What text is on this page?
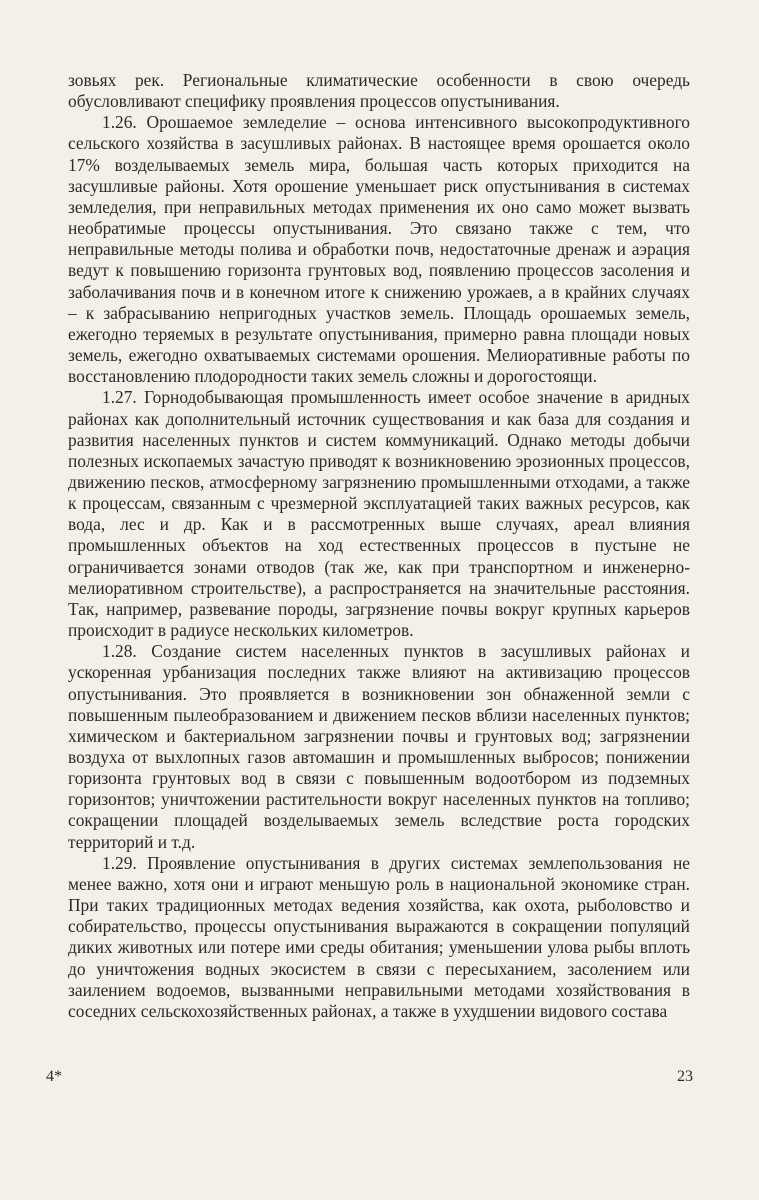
зовьях рек. Региональные климатические особенности в свою очередь обусловливают специфику проявления процессов опустынивания.

1.26. Орошаемое земледелие – основа интенсивного высокопродуктивного сельского хозяйства в засушливых районах. В настоящее время орошается около 17% возделываемых земель мира, большая часть которых приходится на засушливые районы. Хотя орошение уменьшает риск опустынивания в системах земледелия, при неправильных методах применения их оно само может вызвать необратимые процессы опустынивания. Это связано также с тем, что неправильные методы полива и обработки почв, недостаточные дренаж и аэрация ведут к повышению горизонта грунтовых вод, появлению процессов засоления и заболачивания почв и в конечном итоге к снижению урожаев, а в крайних случаях – к забрасыванию непригодных участков земель. Площадь орошаемых земель, ежегодно теряемых в результате опустынивания, примерно равна площади новых земель, ежегодно охватываемых системами орошения. Мелиоративные работы по восстановлению плодородности таких земель сложны и дорогостоящи.

1.27. Горнодобывающая промышленность имеет особое значение в аридных районах как дополнительный источник существования и как база для создания и развития населенных пунктов и систем коммуникаций. Однако методы добычи полезных ископаемых зачастую приводят к возникновению эрозионных процессов, движению песков, атмосферному загрязнению промышленными отходами, а также к процессам, связанным с чрезмерной эксплуатацией таких важных ресурсов, как вода, лес и др. Как и в рассмотренных выше случаях, ареал влияния промышленных объектов на ход естественных процессов в пустыне не ограничивается зонами отводов (так же, как при транспортном и инженерно-мелиоративном строительстве), а распространяется на значительные расстояния. Так, например, развевание породы, загрязнение почвы вокруг крупных карьеров происходит в радиусе нескольких километров.

1.28. Создание систем населенных пунктов в засушливых районах и ускоренная урбанизация последних также влияют на активизацию процессов опустынивания. Это проявляется в возникновении зон обнаженной земли с повышенным пылеобразованием и движением песков вблизи населенных пунктов; химическом и бактериальном загрязнении почвы и грунтовых вод; загрязнении воздуха от выхлопных газов автомашин и промышленных выбросов; понижении горизонта грунтовых вод в связи с повышенным водоотбором из подземных горизонтов; уничтожении растительности вокруг населенных пунктов на топливо; сокращении площадей возделываемых земель вследствие роста городских территорий и т.д.

1.29. Проявление опустынивания в других системах землепользования не менее важно, хотя они и играют меньшую роль в национальной экономике стран. При таких традиционных методах ведения хозяйства, как охота, рыболовство и собирательство, процессы опустынивания выражаются в сокращении популяций диких животных или потере ими среды обитания; уменьшении улова рыбы вплоть до уничтожения водных экосистем в связи с пересыханием, засолением или заилением водоемов, вызванными неправильными методами хозяйствования в соседних сельскохозяйственных районах, а также в ухудшении видового состава

4*	23
